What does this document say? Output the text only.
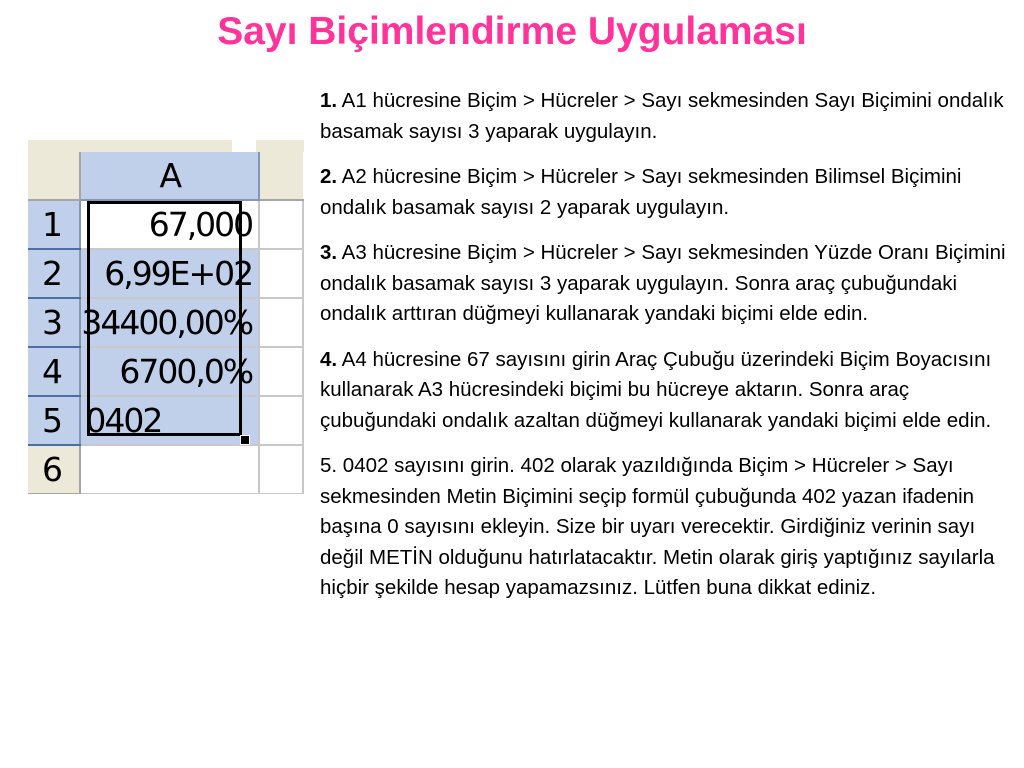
Sayı Biçimlendirme Uygulaması
	A	
1	67,000	
2	6,99E+02	
3	34400,00%	
4	6700,0%	
5	0402	
6		

1. A1 hücresine Biçim > Hücreler > Sayı sekmesinden Sayı Biçimini ondalık basamak sayısı 3 yaparak uygulayın.

2. A2 hücresine Biçim > Hücreler > Sayı sekmesinden Bilimsel Biçimini ondalık basamak sayısı 2 yaparak uygulayın.

3. A3 hücresine Biçim > Hücreler > Sayı sekmesinden Yüzde Oranı Biçimini ondalık basamak sayısı 3 yaparak uygulayın. Sonra araç çubuğundaki ondalık arttıran düğmeyi kullanarak yandaki biçimi elde edin.

4. A4 hücresine 67 sayısını girin Araç Çubuğu üzerindeki Biçim Boyacısını kullanarak A3 hücresindeki biçimi bu hücreye aktarın. Sonra araç çubuğundaki ondalık azaltan düğmeyi kullanarak yandaki biçimi elde edin.

5. 0402 sayısını girin. 402 olarak yazıldığında Biçim > Hücreler > Sayı sekmesinden Metin Biçimini seçip formül çubuğunda 402 yazan ifadenin başına 0 sayısını ekleyin. Size bir uyarı verecektir. Girdiğiniz verinin sayı değil METİN olduğunu hatırlatacaktır. Metin olarak giriş yaptığınız sayılarla hiçbir şekilde hesap yapamazsınız. Lütfen buna dikkat ediniz.
